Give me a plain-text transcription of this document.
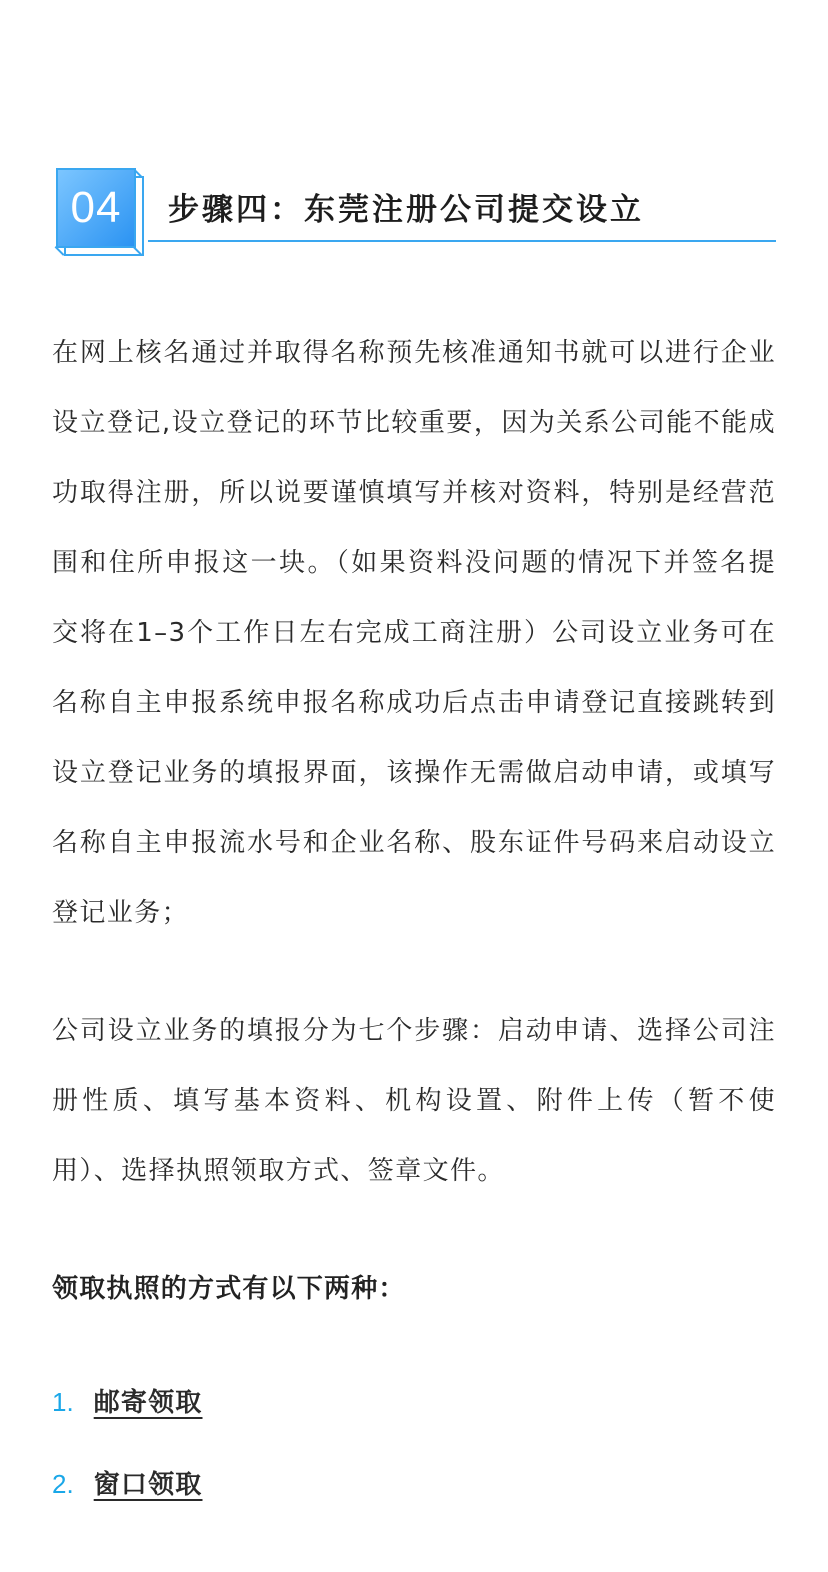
04 步骤四：东莞注册公司提交设立

在网上核名通过并取得名称预先核准通知书就可以进行企业设立登记,设立登记的环节比较重要，因为关系公司能不能成功取得注册，所以说要谨慎填写并核对资料，特别是经营范围和住所申报这一块。（如果资料没问题的情况下并签名提交将在1–3个工作日左右完成工商注册）公司设立业务可在名称自主申报系统申报名称成功后点击申请登记直接跳转到设立登记业务的填报界面，该操作无需做启动申请，或填写名称自主申报流水号和企业名称、股东证件号码来启动设立登记业务；

公司设立业务的填报分为七个步骤：启动申请、选择公司注册性质、填写基本资料、机构设置、附件上传（暂不使用）、选择执照领取方式、签章文件。

领取执照的方式有以下两种：
1. 邮寄领取
2. 窗口领取
